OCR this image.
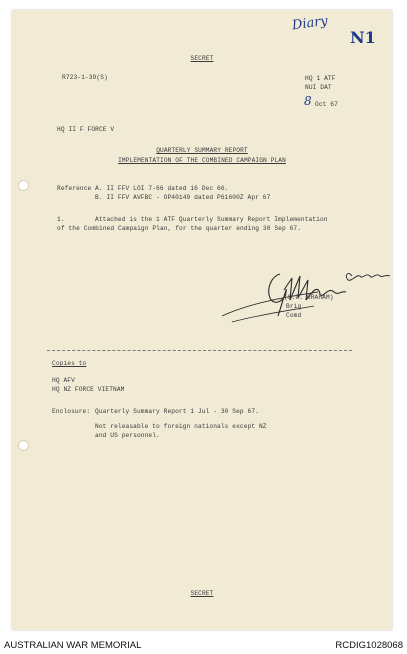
Diary
N1
SECRET
R723-1-39(S)	HQ 1 ATF
NUI DAT
8 Oct 67
HQ II F FORCE V
QUARTERLY SUMMARY REPORT
IMPLEMENTATION OF THE COMBINED CAMPAIGN PLAN
Reference A. II FFV LOI 7-66 dated 16 Dec 66.
B. II FFV AVFBC - OP40149 dated P61600Z Apr 67
1.	Attached is the 1 ATF Quarterly Summary Report Implementation
of the Combined Campaign Plan, for the quarter ending 30 Sep 67.
(S.C. GRAHAM)
Brig
Comd
Copies to
HQ AFV
HQ NZ FORCE VIETNAM
Enclosure: Quarterly Summary Report 1 Jul - 30 Sep 67.
Not releasable to foreign nationals except NZ
and US personnel.
SECRET
AUSTRALIAN WAR MEMORIAL	RCDIG1028068
